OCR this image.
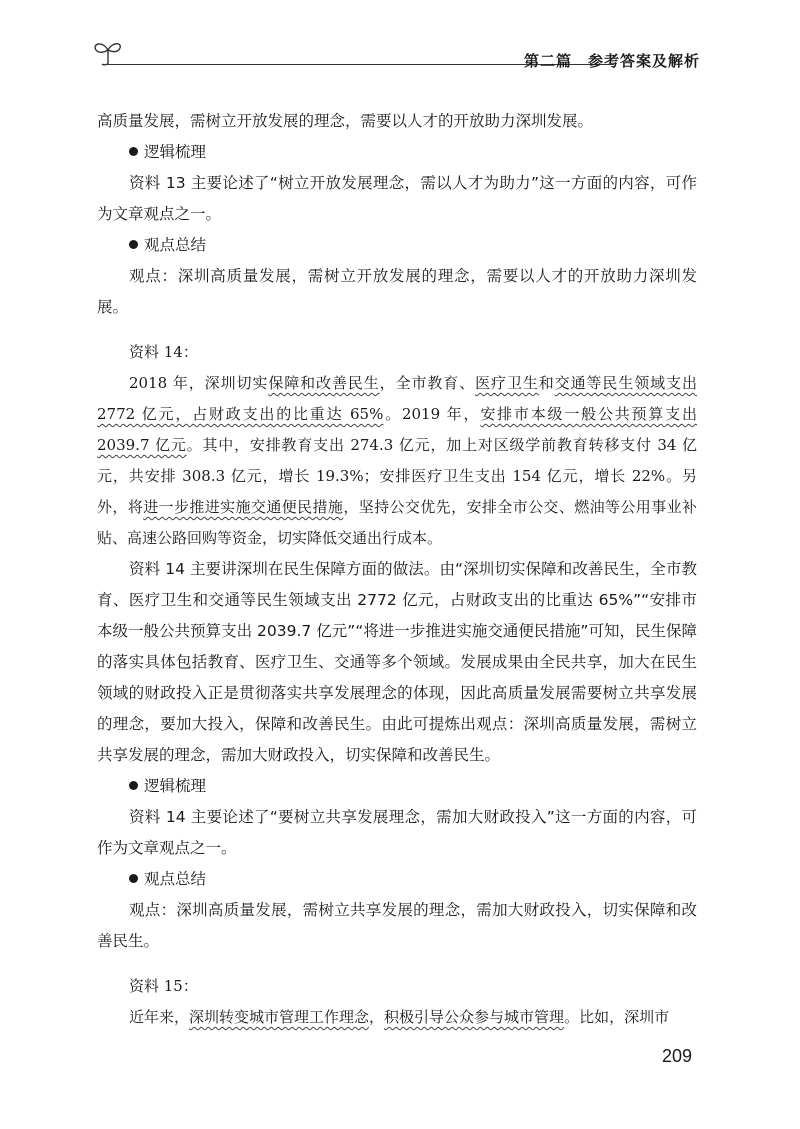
第二篇　参考答案及解析

高质量发展，需树立开放发展的理念，需要以人才的开放助力深圳发展。

逻辑梳理

资料 13 主要论述了“树立开放发展理念，需以人才为助力”这一方面的内容，可作为文章观点之一。

观点总结

观点：深圳高质量发展，需树立开放发展的理念，需要以人才的开放助力深圳发展。

资料 14：

2018 年，深圳切实保障和改善民生，全市教育、医疗卫生和交通等民生领域支出 2772 亿元，占财政支出的比重达 65%。2019 年，安排市本级一般公共预算支出 2039.7 亿元。其中，安排教育支出 274.3 亿元，加上对区级学前教育转移支付 34 亿元，共安排 308.3 亿元，增长 19.3%；安排医疗卫生支出 154 亿元，增长 22%。另外，将进一步推进实施交通便民措施，坚持公交优先，安排全市公交、燃油等公用事业补贴、高速公路回购等资金，切实降低交通出行成本。

资料 14 主要讲深圳在民生保障方面的做法。由“深圳切实保障和改善民生，全市教育、医疗卫生和交通等民生领域支出 2772 亿元，占财政支出的比重达 65%”“安排市本级一般公共预算支出 2039.7 亿元”“将进一步推进实施交通便民措施”可知，民生保障的落实具体包括教育、医疗卫生、交通等多个领域。发展成果由全民共享，加大在民生领域的财政投入正是贯彻落实共享发展理念的体现，因此高质量发展需要树立共享发展的理念，要加大投入，保障和改善民生。由此可提炼出观点：深圳高质量发展，需树立共享发展的理念，需加大财政投入，切实保障和改善民生。

逻辑梳理

资料 14 主要论述了“要树立共享发展理念，需加大财政投入”这一方面的内容，可作为文章观点之一。

观点总结

观点：深圳高质量发展，需树立共享发展的理念，需加大财政投入，切实保障和改善民生。

资料 15：

近年来，深圳转变城市管理工作理念，积极引导公众参与城市管理。比如，深圳市

209
